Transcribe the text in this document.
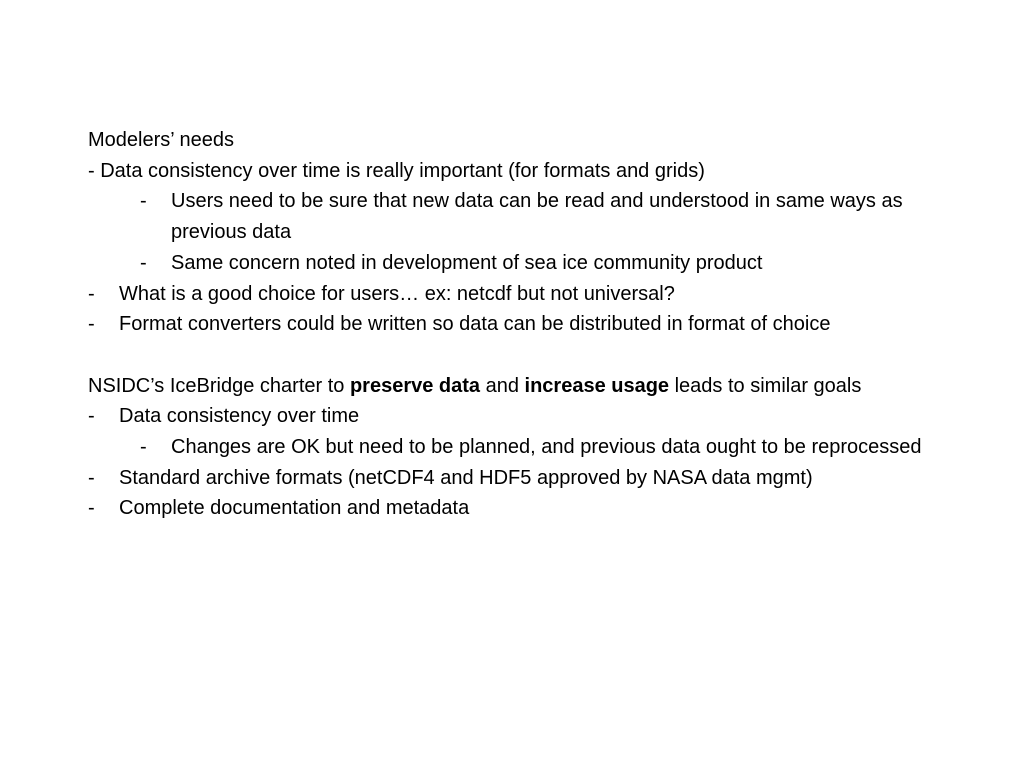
Modelers’ needs

- Data consistency over time is really important (for formats and grids)

-	Users need to be sure that new data can be read and understood in same ways as previous data
-	Same concern noted in development of sea ice community product
-	What is a good choice for users… ex: netcdf but not universal?
-	Format converters could be written so data can be distributed in format of choice

NSIDC’s IceBridge charter to preserve data and increase usage leads to similar goals

-	Data consistency over time
-	Changes are OK but need to be planned, and previous data ought to be reprocessed
-	Standard archive formats (netCDF4 and HDF5 approved by NASA data mgmt)
-	Complete documentation and metadata
